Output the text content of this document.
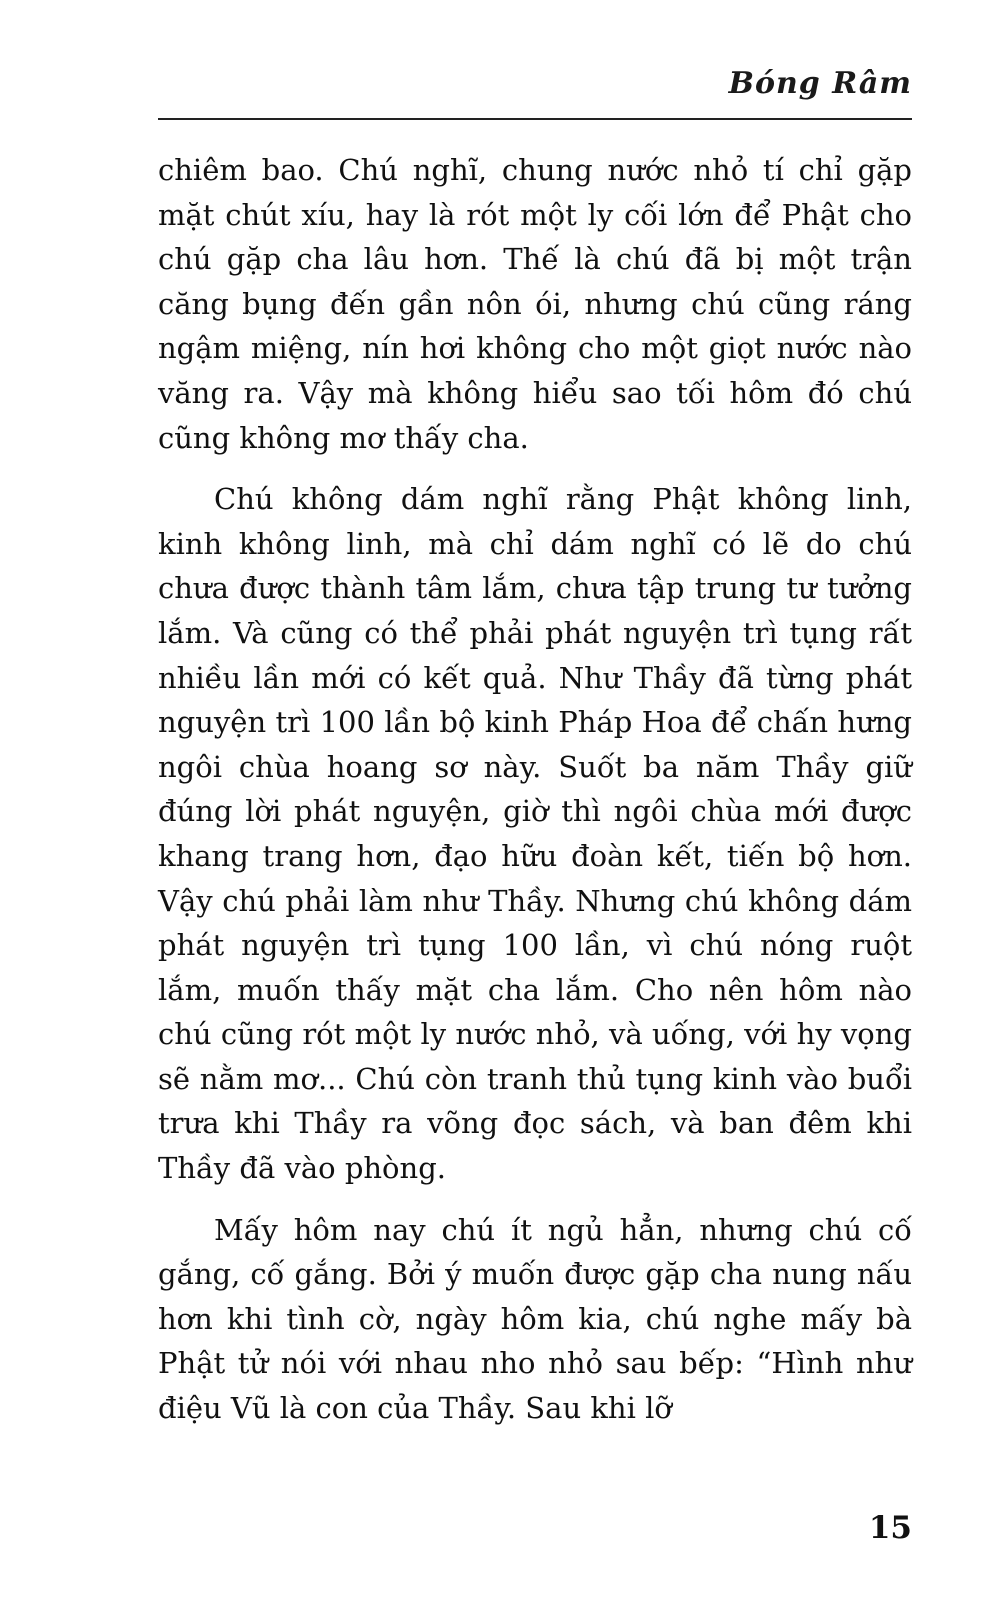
Bóng Râm

chiêm bao. Chú nghĩ, chung nước nhỏ tí chỉ gặp mặt chút xíu, hay là rót một ly cối lớn để Phật cho chú gặp cha lâu hơn. Thế là chú đã bị một trận căng bụng đến gần nôn ói, nhưng chú cũng ráng ngậm miệng, nín hơi không cho một giọt nước nào văng ra. Vậy mà không hiểu sao tối hôm đó chú cũng không mơ thấy cha.

Chú không dám nghĩ rằng Phật không linh, kinh không linh, mà chỉ dám nghĩ có lẽ do chú chưa được thành tâm lắm, chưa tập trung tư tưởng lắm. Và cũng có thể phải phát nguyện trì tụng rất nhiều lần mới có kết quả. Như Thầy đã từng phát nguyện trì 100 lần bộ kinh Pháp Hoa để chấn hưng ngôi chùa hoang sơ này. Suốt ba năm Thầy giữ đúng lời phát nguyện, giờ thì ngôi chùa mới được khang trang hơn, đạo hữu đoàn kết, tiến bộ hơn. Vậy chú phải làm như Thầy. Nhưng chú không dám phát nguyện trì tụng 100 lần, vì chú nóng ruột lắm, muốn thấy mặt cha lắm. Cho nên hôm nào chú cũng rót một ly nước nhỏ, và uống, với hy vọng sẽ nằm mơ... Chú còn tranh thủ tụng kinh vào buổi trưa khi Thầy ra võng đọc sách, và ban đêm khi Thầy đã vào phòng.

Mấy hôm nay chú ít ngủ hẳn, nhưng chú cố gắng, cố gắng. Bởi ý muốn được gặp cha nung nấu hơn khi tình cờ, ngày hôm kia, chú nghe mấy bà Phật tử nói với nhau nho nhỏ sau bếp: “Hình như điệu Vũ là con của Thầy. Sau khi lỡ

15
